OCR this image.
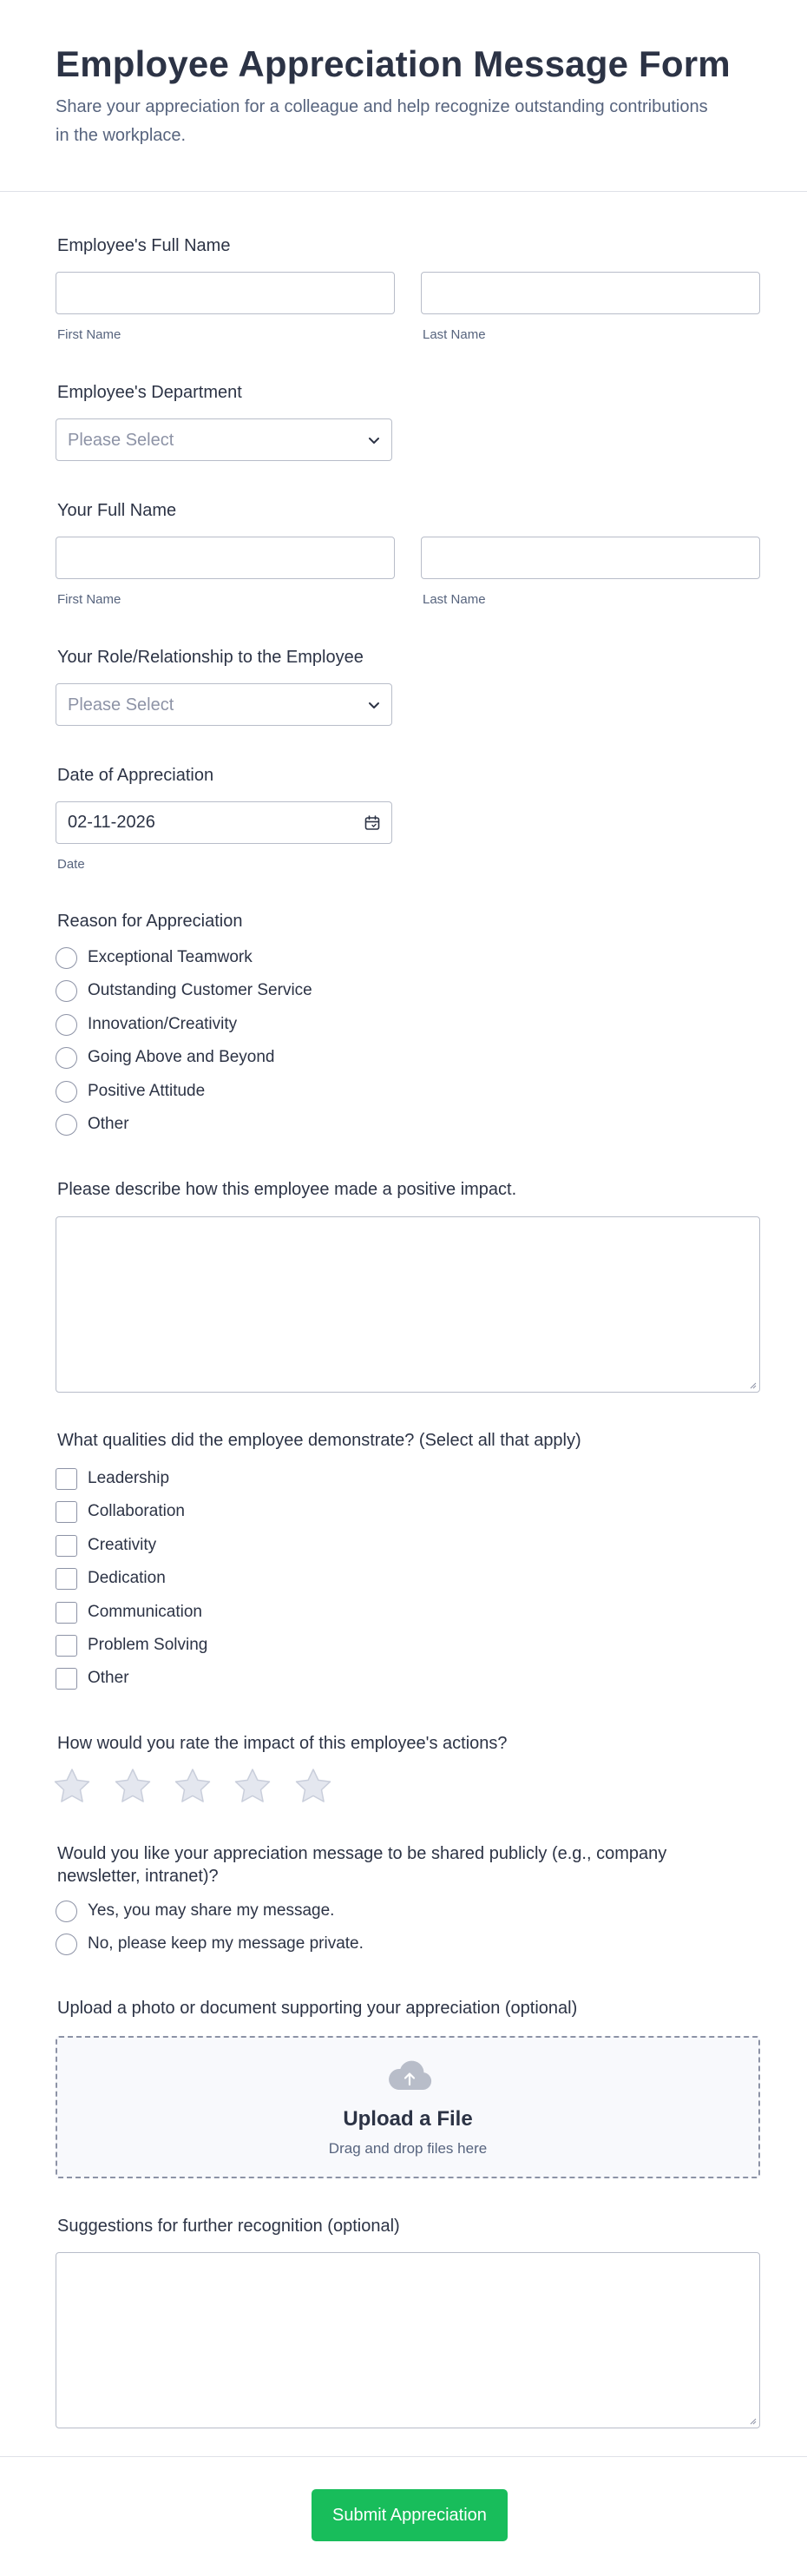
Employee Appreciation Message Form
Share your appreciation for a colleague and help recognize outstanding contributions in the workplace.
Employee's Full Name
First Name	Last Name
Employee's Department
Please Select
Your Full Name
First Name	Last Name
Your Role/Relationship to the Employee
Please Select
Date of Appreciation
02-11-2026
Date
Reason for Appreciation
Exceptional Teamwork
Outstanding Customer Service
Innovation/Creativity
Going Above and Beyond
Positive Attitude
Other
Please describe how this employee made a positive impact.
What qualities did the employee demonstrate? (Select all that apply)
Leadership
Collaboration
Creativity
Dedication
Communication
Problem Solving
Other
How would you rate the impact of this employee's actions?
Would you like your appreciation message to be shared publicly (e.g., company newsletter, intranet)?
Yes, you may share my message.
No, please keep my message private.
Upload a photo or document supporting your appreciation (optional)
Upload a File
Drag and drop files here
Suggestions for further recognition (optional)
Submit Appreciation
